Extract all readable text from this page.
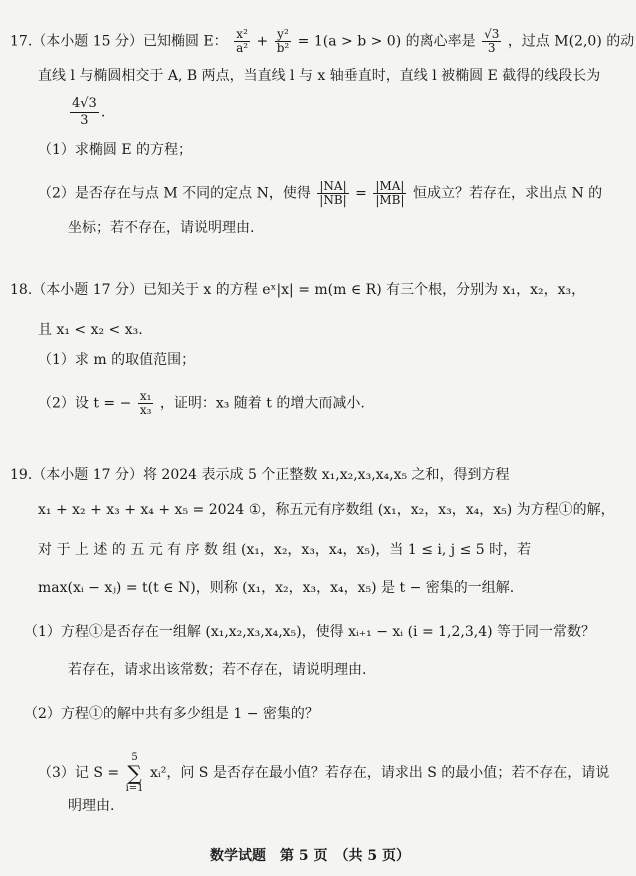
17.（本小题 15 分）已知椭圆 E： $\frac{\text{x²}}{\text{a²}} + \frac{\text{y²}}{\text{b²}} = 1(a > b > 0)$ 的离心率是 $\frac{√3}{3}$ ，过点 M(2,0) 的动
直线 l 与椭圆相交于 A, B 两点，当直线 l 与 x 轴垂直时，直线 l 被椭圆 E 截得的线段长为
$\frac{4√3}{3}$ .
（1）求椭圆 E 的方程；
（2）是否存在与点 M 不同的定点 N，使得 $\frac{|NA|}{|NB|} = \frac{|MA|}{|MB|}$ 恒成立？若存在，求出点 N 的
坐标；若不存在，请说明理由.
18.（本小题 17 分）已知关于 x 的方程 eˣ|x| = m(m ∈ R) 有三个根，分别为 x₁，x₂，x₃，
且 x₁ < x₂ < x₃.
（1）求 m 的取值范围；
（2）设 t = − $\frac{\text{x₁}}{\text{x₃}}$ ，证明：x₃ 随着 t 的增大而减小.
19.（本小题 17 分）将 2024 表示成 5 个正整数 x₁,x₂,x₃,x₄,x₅ 之和，得到方程
x₁ + x₂ + x₃ + x₄ + x₅ = 2024 ①，称五元有序数组 (x₁，x₂，x₃，x₄，x₅) 为方程①的解，
对 于 上 述 的 五 元 有 序 数 组 (x₁，x₂，x₃，x₄，x₅)，当 1 ≤ i, j ≤ 5 时，若
max(xᵢ − xⱼ) = t(t ∈ N)，则称 (x₁，x₂，x₃，x₄，x₅) 是 t − 密集的一组解.
（1）方程①是否存在一组解 (x₁,x₂,x₃,x₄,x₅)，使得 xᵢ₊₁ − xᵢ (i = 1,2,3,4) 等于同一常数？
若存在，请求出该常数；若不存在，请说明理由.
（2）方程①的解中共有多少组是 1 − 密集的？
（3）记 S =
5
∑
i=1
xᵢ²，问 S 是否存在最小值？若存在，请求出 S 的最小值；若不存在，请说
明理由.
数学试题　第 5 页　（共 5 页）
